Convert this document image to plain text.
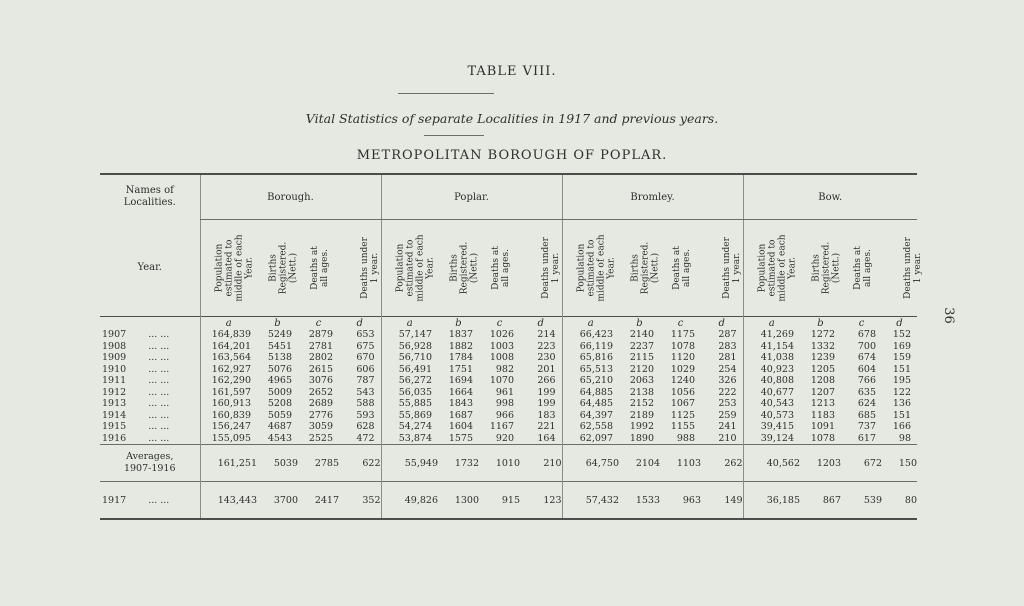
TABLE VIII.
Vital Statistics of separate Localities in 1917 and previous years.
METROPOLITAN BOROUGH OF POPLAR.
36

Names of
Localities.	Borough.				Poplar.				Bromley.				Bow.			
Year.	Population
estimated to
middle of each
Year.	Births
Registered.
(Nett.)	Deaths at
all ages.	Deaths under
1 year.	Population
estimated to
middle of each
Year.	Births
Registered.
(Nett.)	Deaths at
all ages.	Deaths under
1 year.	Population
estimated to
middle of each
Year.	Births
Registered.
(Nett.)	Deaths at
all ages.	Deaths under
1 year.	Population
estimated to
middle of each
Year.	Births
Registered.
(Nett.)	Deaths at
all ages.	Deaths under
1 year.

	a	b	c	d	a	b	c	d	a	b	c	d	a	b	c	d
1907 ... ...	164,839	5249	2879	653	57,147	1837	1026	214	66,423	2140	1175	287	41,269	1272	678	152
1908 ... ...	164,201	5451	2781	675	56,928	1882	1003	223	66,119	2237	1078	283	41,154	1332	700	169
1909 ... ...	163,564	5138	2802	670	56,710	1784	1008	230	65,816	2115	1120	281	41,038	1239	674	159
1910 ... ...	162,927	5076	2615	606	56,491	1751	982	201	65,513	2120	1029	254	40,923	1205	604	151
1911 ... ...	162,290	4965	3076	787	56,272	1694	1070	266	65,210	2063	1240	326	40,808	1208	766	195
1912 ... ...	161,597	5009	2652	543	56,035	1664	961	199	64,885	2138	1056	222	40,677	1207	635	122
1913 ... ...	160,913	5208	2689	588	55,885	1843	998	199	64,485	2152	1067	253	40,543	1213	624	136
1914 ... ...	160,839	5059	2776	593	55,869	1687	966	183	64,397	2189	1125	259	40,573	1183	685	151
1915 ... ...	156,247	4687	3059	628	54,274	1604	1167	221	62,558	1992	1155	241	39,415	1091	737	166
1916 ... ...	155,095	4543	2525	472	53,874	1575	920	164	62,097	1890	988	210	39,124	1078	617	98

Averages,
1907-1916	161,251	5039	2785	622	55,949	1732	1010	210	64,750	2104	1103	262	40,562	1203	672	150

1917 ... ...	143,443	3700	2417	352	49,826	1300	915	123	57,432	1533	963	149	36,185	867	539	80
